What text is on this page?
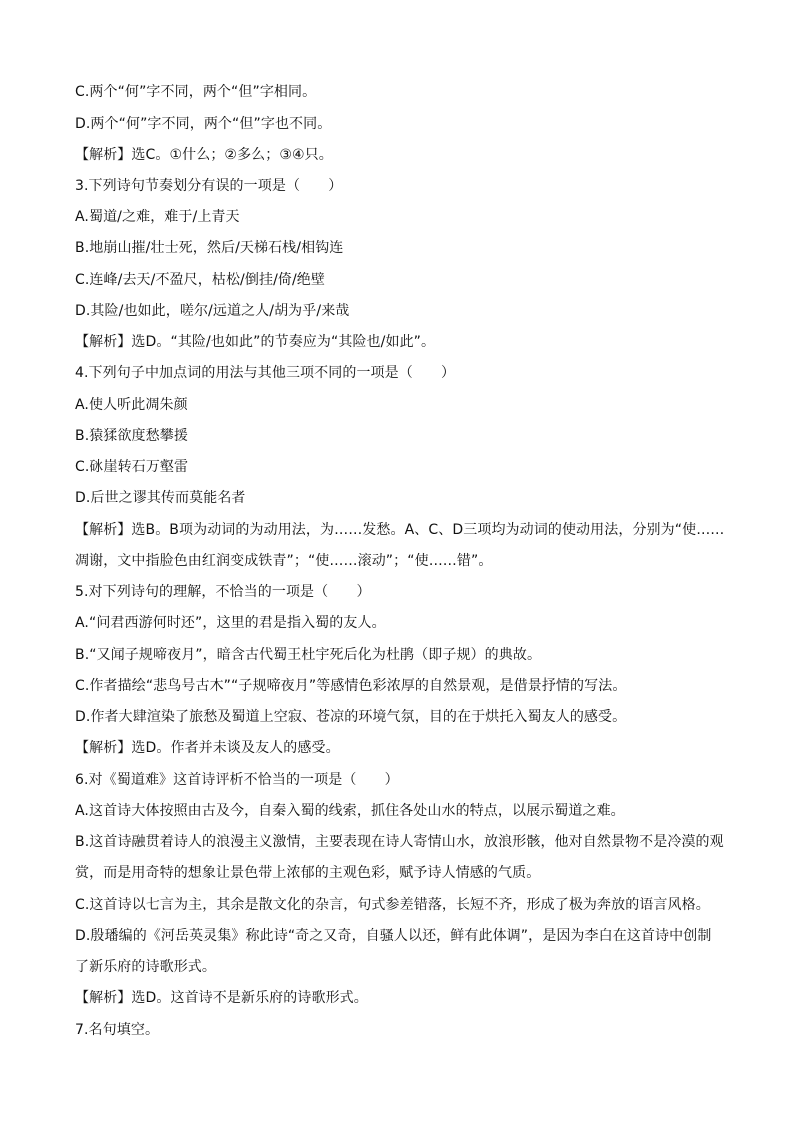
C.两个“何”字不同，两个“但”字相同。
D.两个“何”字不同，两个“但”字也不同。
【解析】选C。①什么；②多么；③④只。
3.下列诗句节奏划分有误的一项是（　　）
A.蜀道/之难，难于/上青天
B.地崩山摧/壮士死，然后/天梯石栈/相钩连
C.连峰/去天/不盈尺，枯松/倒挂/倚/绝壁
D.其险/也如此，嗟尔/远道之人/胡为乎/来哉
【解析】选D。“其险/也如此”的节奏应为“其险也/如此”。
4.下列句子中加点词的用法与其他三项不同的一项是（　　）
A.使人听此凋朱颜
B.猿猱欲度愁攀援
C.砯崖转石万壑雷
D.后世之谬其传而莫能名者
【解析】选B。B项为动词的为动用法，为……发愁。A、C、D三项均为动词的使动用法，分别为“使……
凋谢，文中指脸色由红润变成铁青”；“使……滚动”；“使……错”。
5.对下列诗句的理解，不恰当的一项是（　　）
A.“问君西游何时还”，这里的君是指入蜀的友人。
B.“又闻子规啼夜月”，暗含古代蜀王杜宇死后化为杜鹃（即子规）的典故。
C.作者描绘“悲鸟号古木”“子规啼夜月”等感情色彩浓厚的自然景观，是借景抒情的写法。
D.作者大肆渲染了旅愁及蜀道上空寂、苍凉的环境气氛，目的在于烘托入蜀友人的感受。
【解析】选D。作者并未谈及友人的感受。
6.对《蜀道难》这首诗评析不恰当的一项是（　　）
A.这首诗大体按照由古及今，自秦入蜀的线索，抓住各处山水的特点，以展示蜀道之难。
B.这首诗融贯着诗人的浪漫主义激情，主要表现在诗人寄情山水，放浪形骸，他对自然景物不是冷漠的观
赏，而是用奇特的想象让景色带上浓郁的主观色彩，赋予诗人情感的气质。
C.这首诗以七言为主，其余是散文化的杂言，句式参差错落，长短不齐，形成了极为奔放的语言风格。
D.殷璠编的《河岳英灵集》称此诗“奇之又奇，自骚人以还，鲜有此体调”，是因为李白在这首诗中创制
了新乐府的诗歌形式。
【解析】选D。这首诗不是新乐府的诗歌形式。
7.名句填空。
